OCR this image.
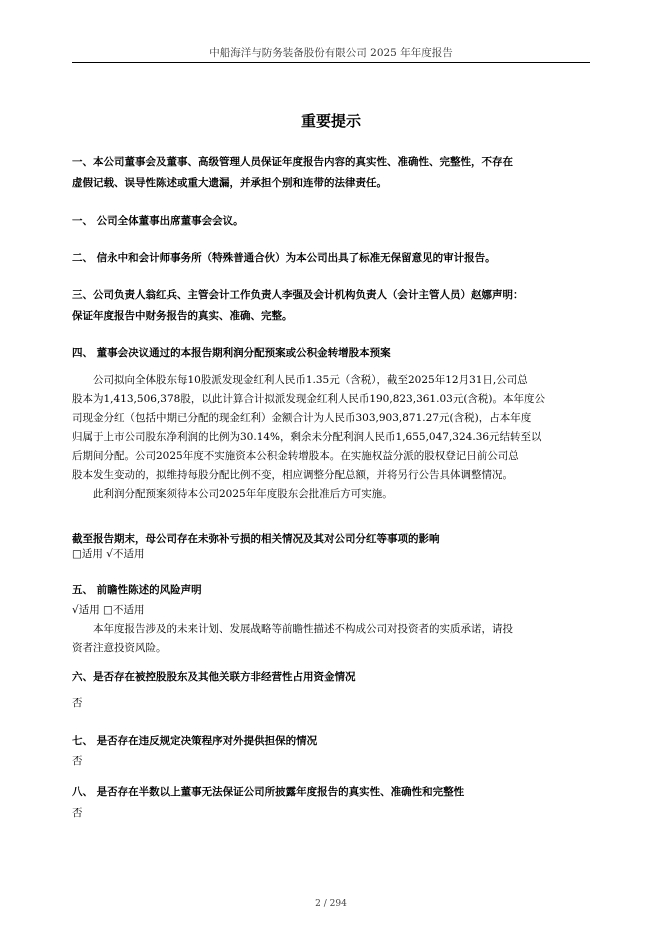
中船海洋与防务装备股份有限公司 2025 年年度报告
重要提示
一、本公司董事会及董事、高级管理人员保证年度报告内容的真实性、准确性、完整性，不存在
虚假记载、误导性陈述或重大遗漏，并承担个别和连带的法律责任。
一、 公司全体董事出席董事会会议。
二、 信永中和会计师事务所（特殊普通合伙）为本公司出具了标准无保留意见的审计报告。
三、公司负责人翁红兵、主管会计工作负责人李强及会计机构负责人（会计主管人员）赵娜声明：
保证年度报告中财务报告的真实、准确、完整。
四、 董事会决议通过的本报告期利润分配预案或公积金转增股本预案
公司拟向全体股东每10股派发现金红利人民币1.35元（含税），截至2025年12月31日,公司总
股本为1,413,506,378股，以此计算合计拟派发现金红利人民币190,823,361.03元(含税)。本年度公
司现金分红（包括中期已分配的现金红利）金额合计为人民币303,903,871.27元(含税)，占本年度
归属于上市公司股东净利润的比例为30.14%，剩余未分配利润人民币1,655,047,324.36元结转至以
后期间分配。公司2025年度不实施资本公积金转增股本。在实施权益分派的股权登记日前公司总
股本发生变动的，拟维持每股分配比例不变，相应调整分配总额，并将另行公告具体调整情况。
此利润分配预案须待本公司2025年年度股东会批准后方可实施。
截至报告期末，母公司存在未弥补亏损的相关情况及其对公司分红等事项的影响
□适用 √不适用
五、 前瞻性陈述的风险声明
√适用 □不适用
本年度报告涉及的未来计划、发展战略等前瞻性描述不构成公司对投资者的实质承诺，请投
资者注意投资风险。
六、是否存在被控股股东及其他关联方非经营性占用资金情况
否
七、 是否存在违反规定决策程序对外提供担保的情况
否
八、 是否存在半数以上董事无法保证公司所披露年度报告的真实性、准确性和完整性
否
2 / 294
